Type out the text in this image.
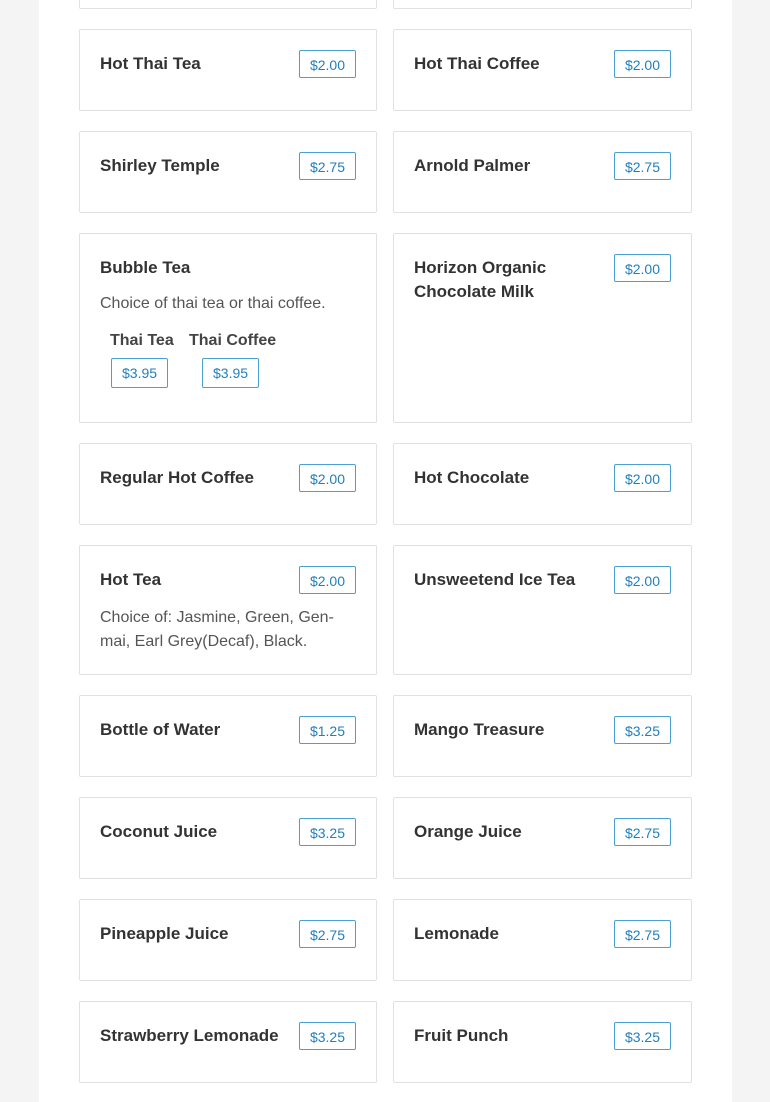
Hot Thai Tea	$2.00	Hot Thai Coffee	$2.00
Shirley Temple	$2.75	Arnold Palmer	$2.75
Bubble Tea
Choice of thai tea or thai coffee.
Thai Tea Thai Coffee
$3.95	$3.95
Horizon Organic Chocolate Milk
$2.00
Regular Hot Coffee	$2.00	Hot Chocolate	$2.00
Hot Tea	$2.00
Choice of: Jasmine, Green, Gen-mai, Earl Grey(Decaf), Black.
Unsweetend Ice Tea	$2.00
Bottle of Water	$1.25	Mango Treasure	$3.25
Coconut Juice	$3.25	Orange Juice	$2.75
Pineapple Juice	$2.75	Lemonade	$2.75
Strawberry Lemonade	$3.25	Fruit Punch	$3.25
